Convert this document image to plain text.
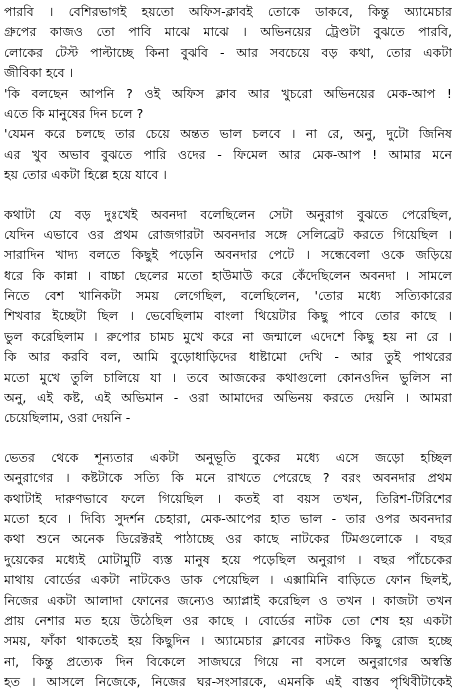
পারবি । বেশিরভাগই হয়তো অফিস-ক্লাবই তোকে ডাকবে, কিন্তু অ্যামেচার
গ্রুপের কাজও তো পাবি মাঝে মাঝে । অভিনয়ের ট্রেণ্ডটা বুঝতে পারবি,
লোকের টেস্ট পাল্টাচ্ছে কিনা বুঝবি - আর সবচেয়ে বড় কথা, তোর একটা
জীবিকা হবে ।
'কি বলছেন আপনি ? ওই অফিস ক্লাব আর খুচরো অভিনয়ের মেক-আপ !
এতে কি মানুষের দিন চলে ?
'যেমন করে চলছে তার চেয়ে অন্তত ভাল চলবে । না রে, অনু, দুটো জিনিষ
এর খুব অভাব বুঝতে পারি ওদের - ফিমেল আর মেক-আপ ! আমার মনে
হয় তোর একটা হিল্লে হয়ে যাবে ।
কথাটা যে বড় দুঃখেই অবনদা বলেছিলেন সেটা অনুরাগ বুঝতে পেরেছিল,
যেদিন এভাবে ওর প্রথম রোজগারটা অবনদার সঙ্গে সেলিব্রেট করতে গিয়েছিল ।
সারাদিন খাদ্য বলতে কিছুই পড়েনি অবনদার পেটে । সন্ধেবেলা ওকে জড়িয়ে
ধরে কি কান্না । বাচ্চা ছেলের মতো হাউমাউ করে কেঁদেছিলেন অবনদা । সামলে
নিতে বেশ খানিকটা সময় লেগেছিল, বলেছিলেন, 'তোর মধ্যে সত্যিকারের
শিখবার ইচ্ছেটা ছিল । ভেবেছিলাম বাংলা থিয়েটার কিছু পাবে তোর কাছে ।
ভুল করেছিলাম । রুপোর চামচ মুখে করে না জন্মালে এদেশে কিছু হয় না রে ।
কি আর করবি বল, আমি বুড়োধাড়িদের ধাষ্টামো দেখি - আর তুই পাথরের
মতো মুখে তুলি চালিয়ে যা । তবে আজকের কথাগুলো কোনওদিন ভুলিস না
অনু, এই কষ্ট, এই অভিমান - ওরা আমাদের অভিনয় করতে দেয়নি । আমরা
চেয়েছিলাম, ওরা দেয়নি -
ভেতর থেকে শূন্যতার একটা অনুভূতি বুকের মধ্যে এসে জড়ো হচ্ছিল
অনুরাগের । কষ্টটাকে সত্যি কি মনে রাখতে পেরেছে ? বরং অবনদার প্রথম
কথাটাই দারুণভাবে ফলে গিয়েছিল । কতই বা বয়স তখন, তিরিশ-টিরিশের
মতো হবে । দিব্যি সুদর্শন চেহারা, মেক-আপের হাত ভাল - তার ওপর অবনদার
কথা শুনে অনেক ডিরেক্টরই পাঠাচ্ছে ওর কাছে নাটকের টিমগুলোকে । বছর
দুয়েকের মধ্যেই মোটামুটি ব্যস্ত মানুষ হয়ে পড়েছিল অনুরাগ । বছর পাঁচেকের
মাথায় বোর্ডের একটা নাটকেও ডাক পেয়েছিল । এক্সামিনি বাড়িতে ফোন ছিলই,
নিজের একটা আলাদা ফোনের জন্যেও অ্যাপ্লাই করেছিল ও তখন । কাজটা তখন
প্রায় নেশার মত হয়ে উঠেছিল ওর কাছে । বোর্ডের নাটক তো শেষ হয় একটা
সময়, ফাঁকা থাকতেই হয় কিছুদিন । অ্যামেচার ক্লাবের নাটকও কিছু রোজ হচ্ছে
না, কিন্তু প্রত্যেক দিন বিকেলে সাজঘরে গিয়ে না বসলে অনুরাগের অস্বস্তি
হত । আসলে নিজেকে, নিজের ঘর-সংসারকে, এমনকি এই বাস্তব পৃথিবীটাকেই
